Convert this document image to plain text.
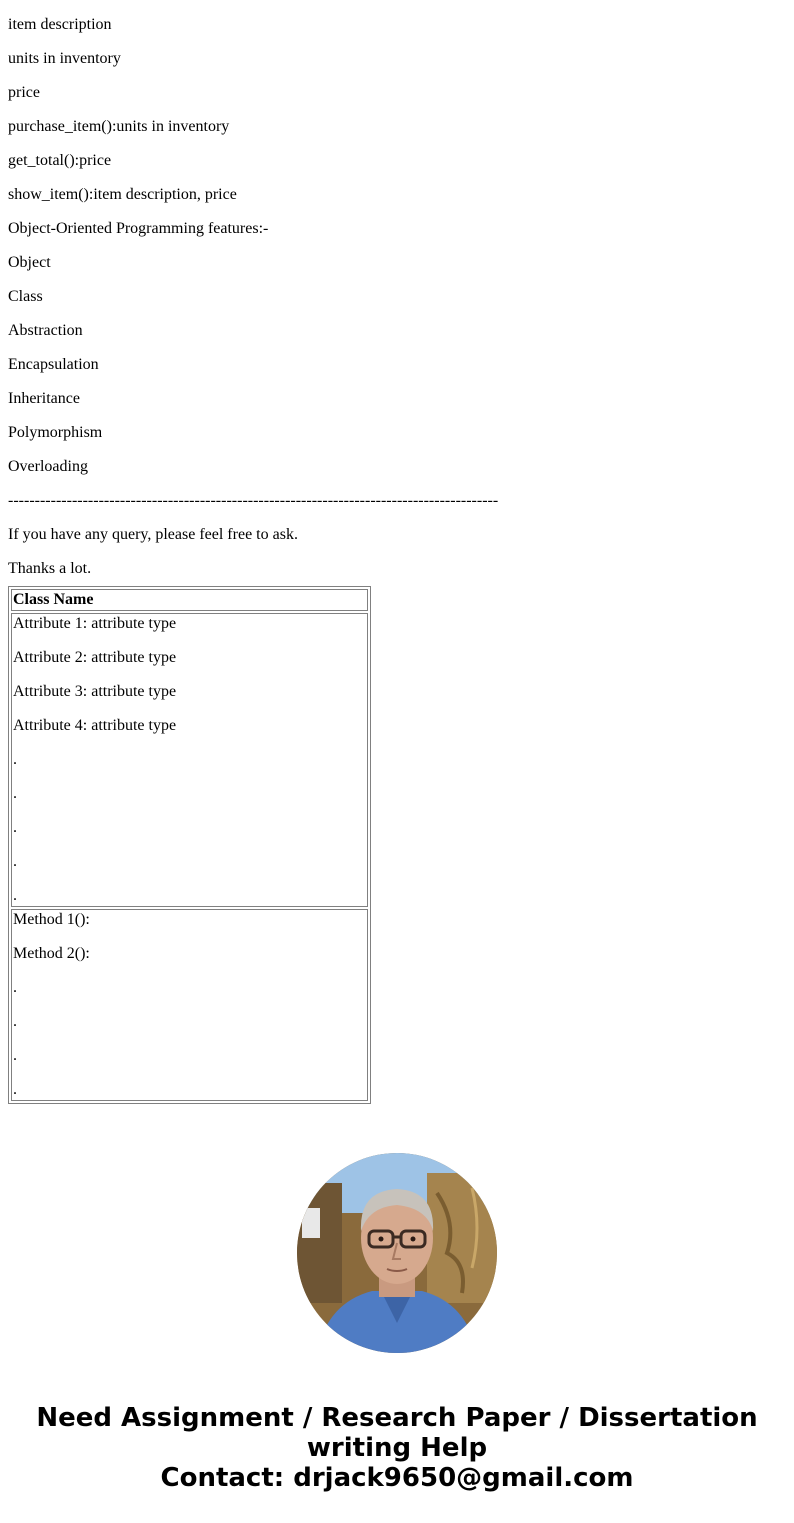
item description

units in inventory

price

purchase_item():units in inventory

get_total():price

show_item():item description, price

Object-Oriented Programming features:-

Object

Class

Abstraction

Encapsulation

Inheritance

Polymorphism

Overloading

--------------------------------------------------------------------------------------------

If you have any query, please feel free to ask.

Thanks a lot.

Class Name

Attribute 1: attribute type

Attribute 2: attribute type

Attribute 3: attribute type

Attribute 4: attribute type

.

.

.

.

.

Method 1():

Method 2():

.

.

.

.

Need Assignment / Research Paper / Dissertation
writing Help
Contact: drjack9650@gmail.com
